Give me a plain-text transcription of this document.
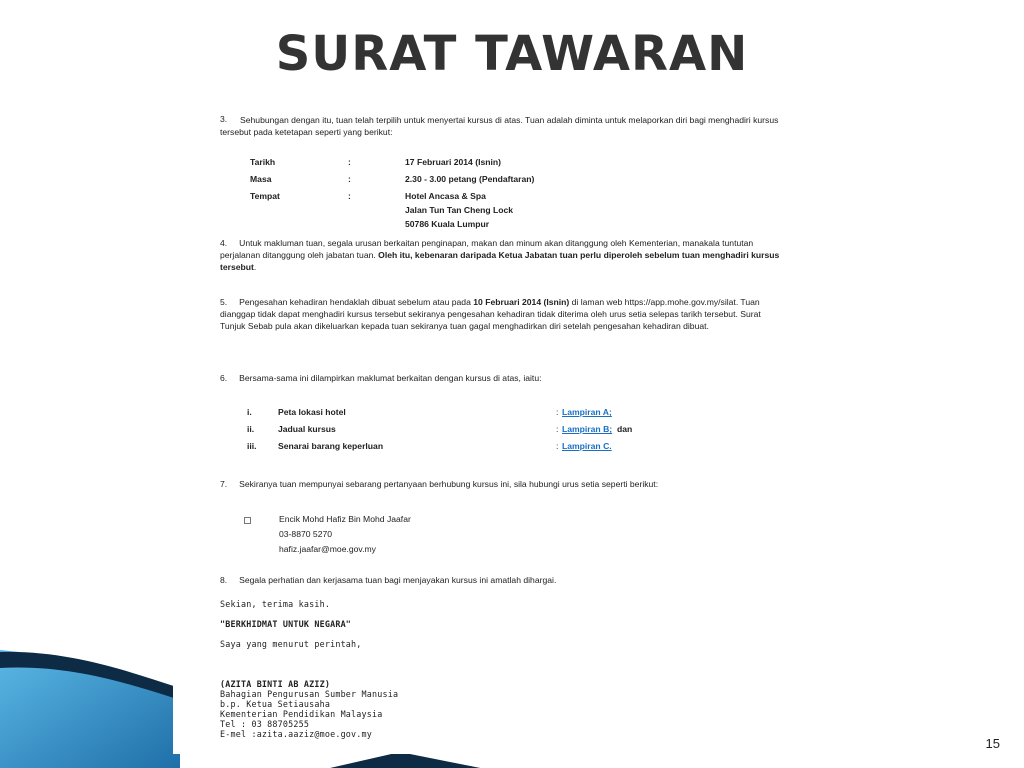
SURAT TAWARAN
3.	Sehubungan dengan itu, tuan telah terpilih untuk menyertai kursus di atas. Tuan adalah diminta untuk melaporkan diri bagi menghadiri kursus tersebut pada ketetapan seperti yang berikut:
Tarikh	:	17 Februari 2014 (Isnin)
Masa	:	2.30 - 3.00 petang (Pendaftaran)
Tempat	:	Hotel Ancasa & Spa
Jalan Tun Tan Cheng Lock
50786 Kuala Lumpur
4. Untuk makluman tuan, segala urusan berkaitan penginapan, makan dan minum akan ditanggung oleh Kementerian, manakala tuntutan perjalanan ditanggung oleh jabatan tuan. Oleh itu, kebenaran daripada Ketua Jabatan tuan perlu diperoleh sebelum tuan menghadiri kursus tersebut.
5. Pengesahan kehadiran hendaklah dibuat sebelum atau pada 10 Februari 2014 (Isnin) di laman web https://app.mohe.gov.my/silat. Tuan dianggap tidak dapat menghadiri kursus tersebut sekiranya pengesahan kehadiran tidak diterima oleh urus setia selepas tarikh tersebut. Surat Tunjuk Sebab pula akan dikeluarkan kepada tuan sekiranya tuan gagal menghadirkan diri setelah pengesahan kehadiran dibuat.
6. Bersama-sama ini dilampirkan maklumat berkaitan dengan kursus di atas, iaitu:
i.	Peta lokasi hotel	: Lampiran A;
ii.	Jadual kursus	: Lampiran B; dan
iii. Senarai barang keperluan	: Lampiran C.
7. Sekiranya tuan mempunyai sebarang pertanyaan berhubung kursus ini, sila hubungi urus setia seperti berikut:
Encik Mohd Hafiz Bin Mohd Jaafar
03-8870 5270
hafiz.jaafar@moe.gov.my
8. Segala perhatian dan kerjasama tuan bagi menjayakan kursus ini amatlah dihargai.
Sekian, terima kasih.
"BERKHIDMAT UNTUK NEGARA"
Saya yang menurut perintah,
(AZITA BINTI AB AZIZ)
Bahagian Pengurusan Sumber Manusia
b.p. Ketua Setiausaha
Kementerian Pendidikan Malaysia
Tel : 03 88705255
E-mel :azita.aaziz@moe.gov.my
15
